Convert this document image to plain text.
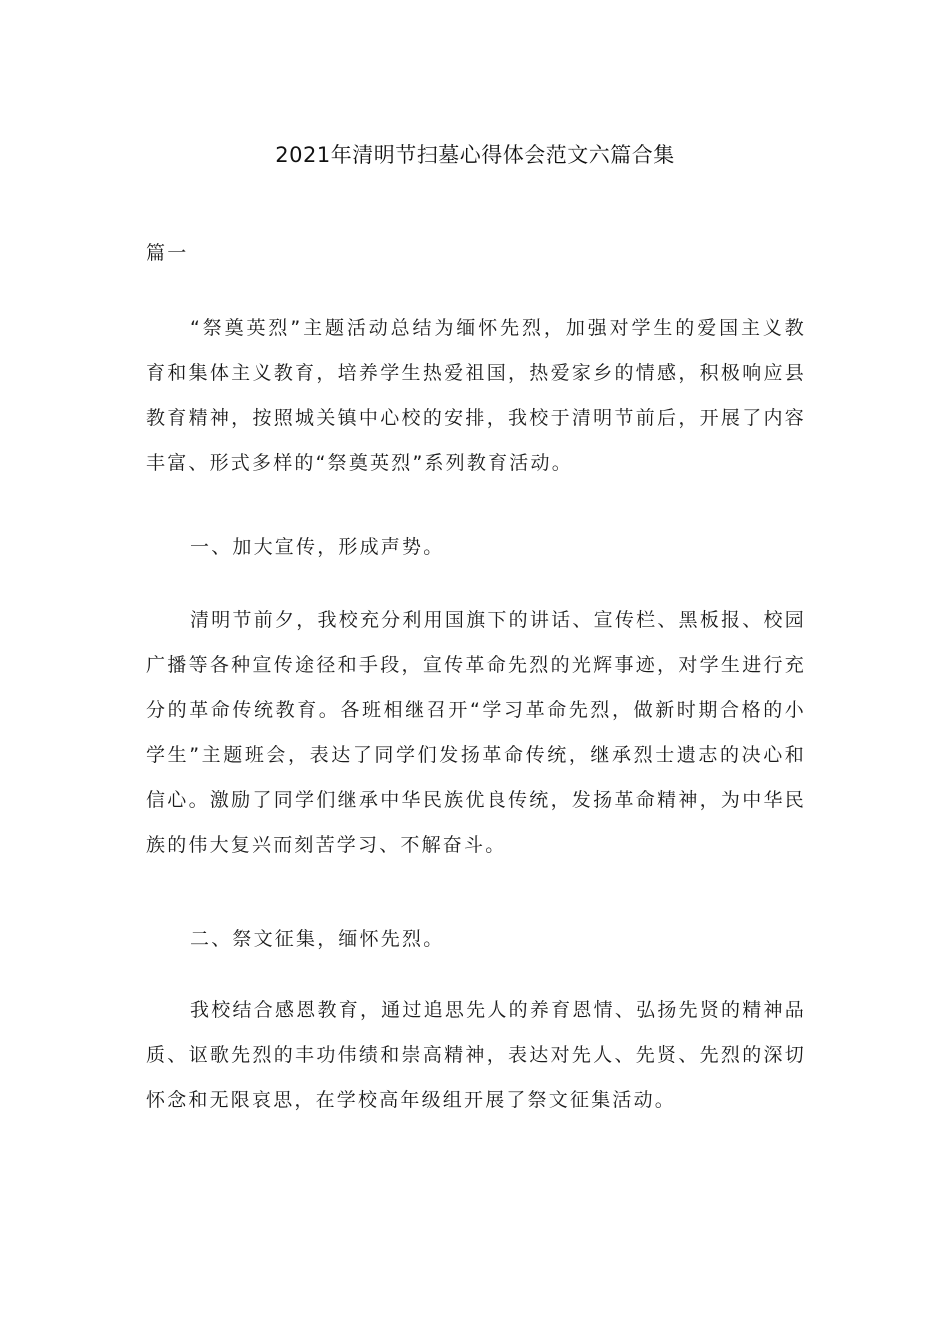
2021年清明节扫墓心得体会范文六篇合集
篇一

“祭奠英烈”主题活动总结为缅怀先烈，加强对学生的爱国主义教育和集体主义教育，培养学生热爱祖国，热爱家乡的情感，积极响应县教育精神，按照城关镇中心校的安排，我校于清明节前后，开展了内容丰富、形式多样的“祭奠英烈”系列教育活动。

一、加大宣传，形成声势。

清明节前夕，我校充分利用国旗下的讲话、宣传栏、黑板报、校园广播等各种宣传途径和手段，宣传革命先烈的光辉事迹，对学生进行充分的革命传统教育。各班相继召开“学习革命先烈，做新时期合格的小学生”主题班会，表达了同学们发扬革命传统，继承烈士遗志的决心和信心。激励了同学们继承中华民族优良传统，发扬革命精神，为中华民族的伟大复兴而刻苦学习、不解奋斗。

二、祭文征集，缅怀先烈。

我校结合感恩教育，通过追思先人的养育恩情、弘扬先贤的精神品质、讴歌先烈的丰功伟绩和崇高精神，表达对先人、先贤、先烈的深切怀念和无限哀思，在学校高年级组开展了祭文征集活动。
